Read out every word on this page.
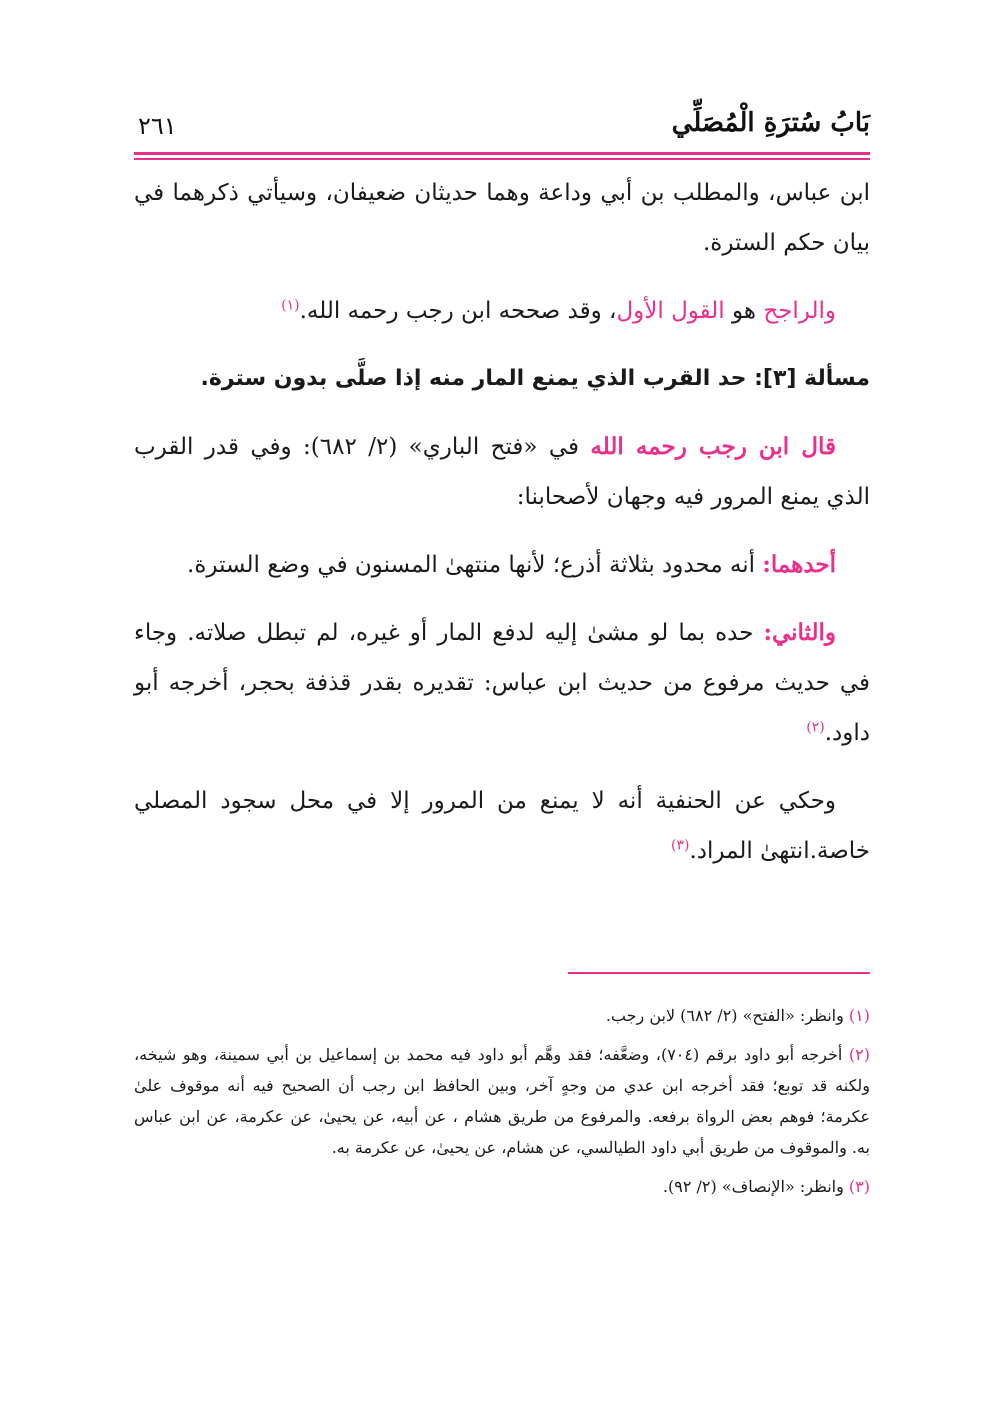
بَابُ سُترَةِ الْمُصَلِّي
٢٦١

ابن عباس، والمطلب بن أبي وداعة وهما حديثان ضعيفان، وسيأتي ذكرهما في بيان حكم السترة.

والراجح هو القول الأول، وقد صححه ابن رجب رحمه الله.$^{(١)}$

مسألة [٣]: حد القرب الذي يمنع المار منه إذا صلَّى بدون سترة.

قال ابن رجب رحمه الله في «فتح الباري» (٢/ ٦٨٢): وفي قدر القرب الذي يمنع المرور فيه وجهان لأصحابنا:

أحدهما: أنه محدود بثلاثة أذرع؛ لأنها منتهىٰ المسنون في وضع السترة.

والثاني: حده بما لو مشىٰ إليه لدفع المار أو غيره، لم تبطل صلاته. وجاء في حديث مرفوع من حديث ابن عباس: تقديره بقدر قذفة بحجر، أخرجه أبو داود.$^{(٢)}$

وحكي عن الحنفية أنه لا يمنع من المرور إلا في محل سجود المصلي خاصة.انتهىٰ المراد.$^{(٣)}$

(١) وانظر: «الفتح» (٢/ ٦٨٢) لابن رجب.

(٢) أخرجه أبو داود برقم (٧٠٤)، وضعَّفه؛ فقد وهَّم أبو داود فيه محمد بن إسماعيل بن أبي سمينة، وهو شيخه، ولكنه قد توبع؛ فقد أخرجه ابن عدي من وجهٍ آخر، وبين الحافظ ابن رجب أن الصحيح فيه أنه موقوف علىٰ عكرمة؛ فوهم بعض الرواة برفعه. والمرفوع من طريق هشام ، عن أبيه، عن يحيىٰ، عن عكرمة، عن ابن عباس به. والموقوف من طريق أبي داود الطيالسي، عن هشام، عن يحيىٰ، عن عكرمة به.

(٣) وانظر: «الإنصاف» (٢/ ٩٢).
